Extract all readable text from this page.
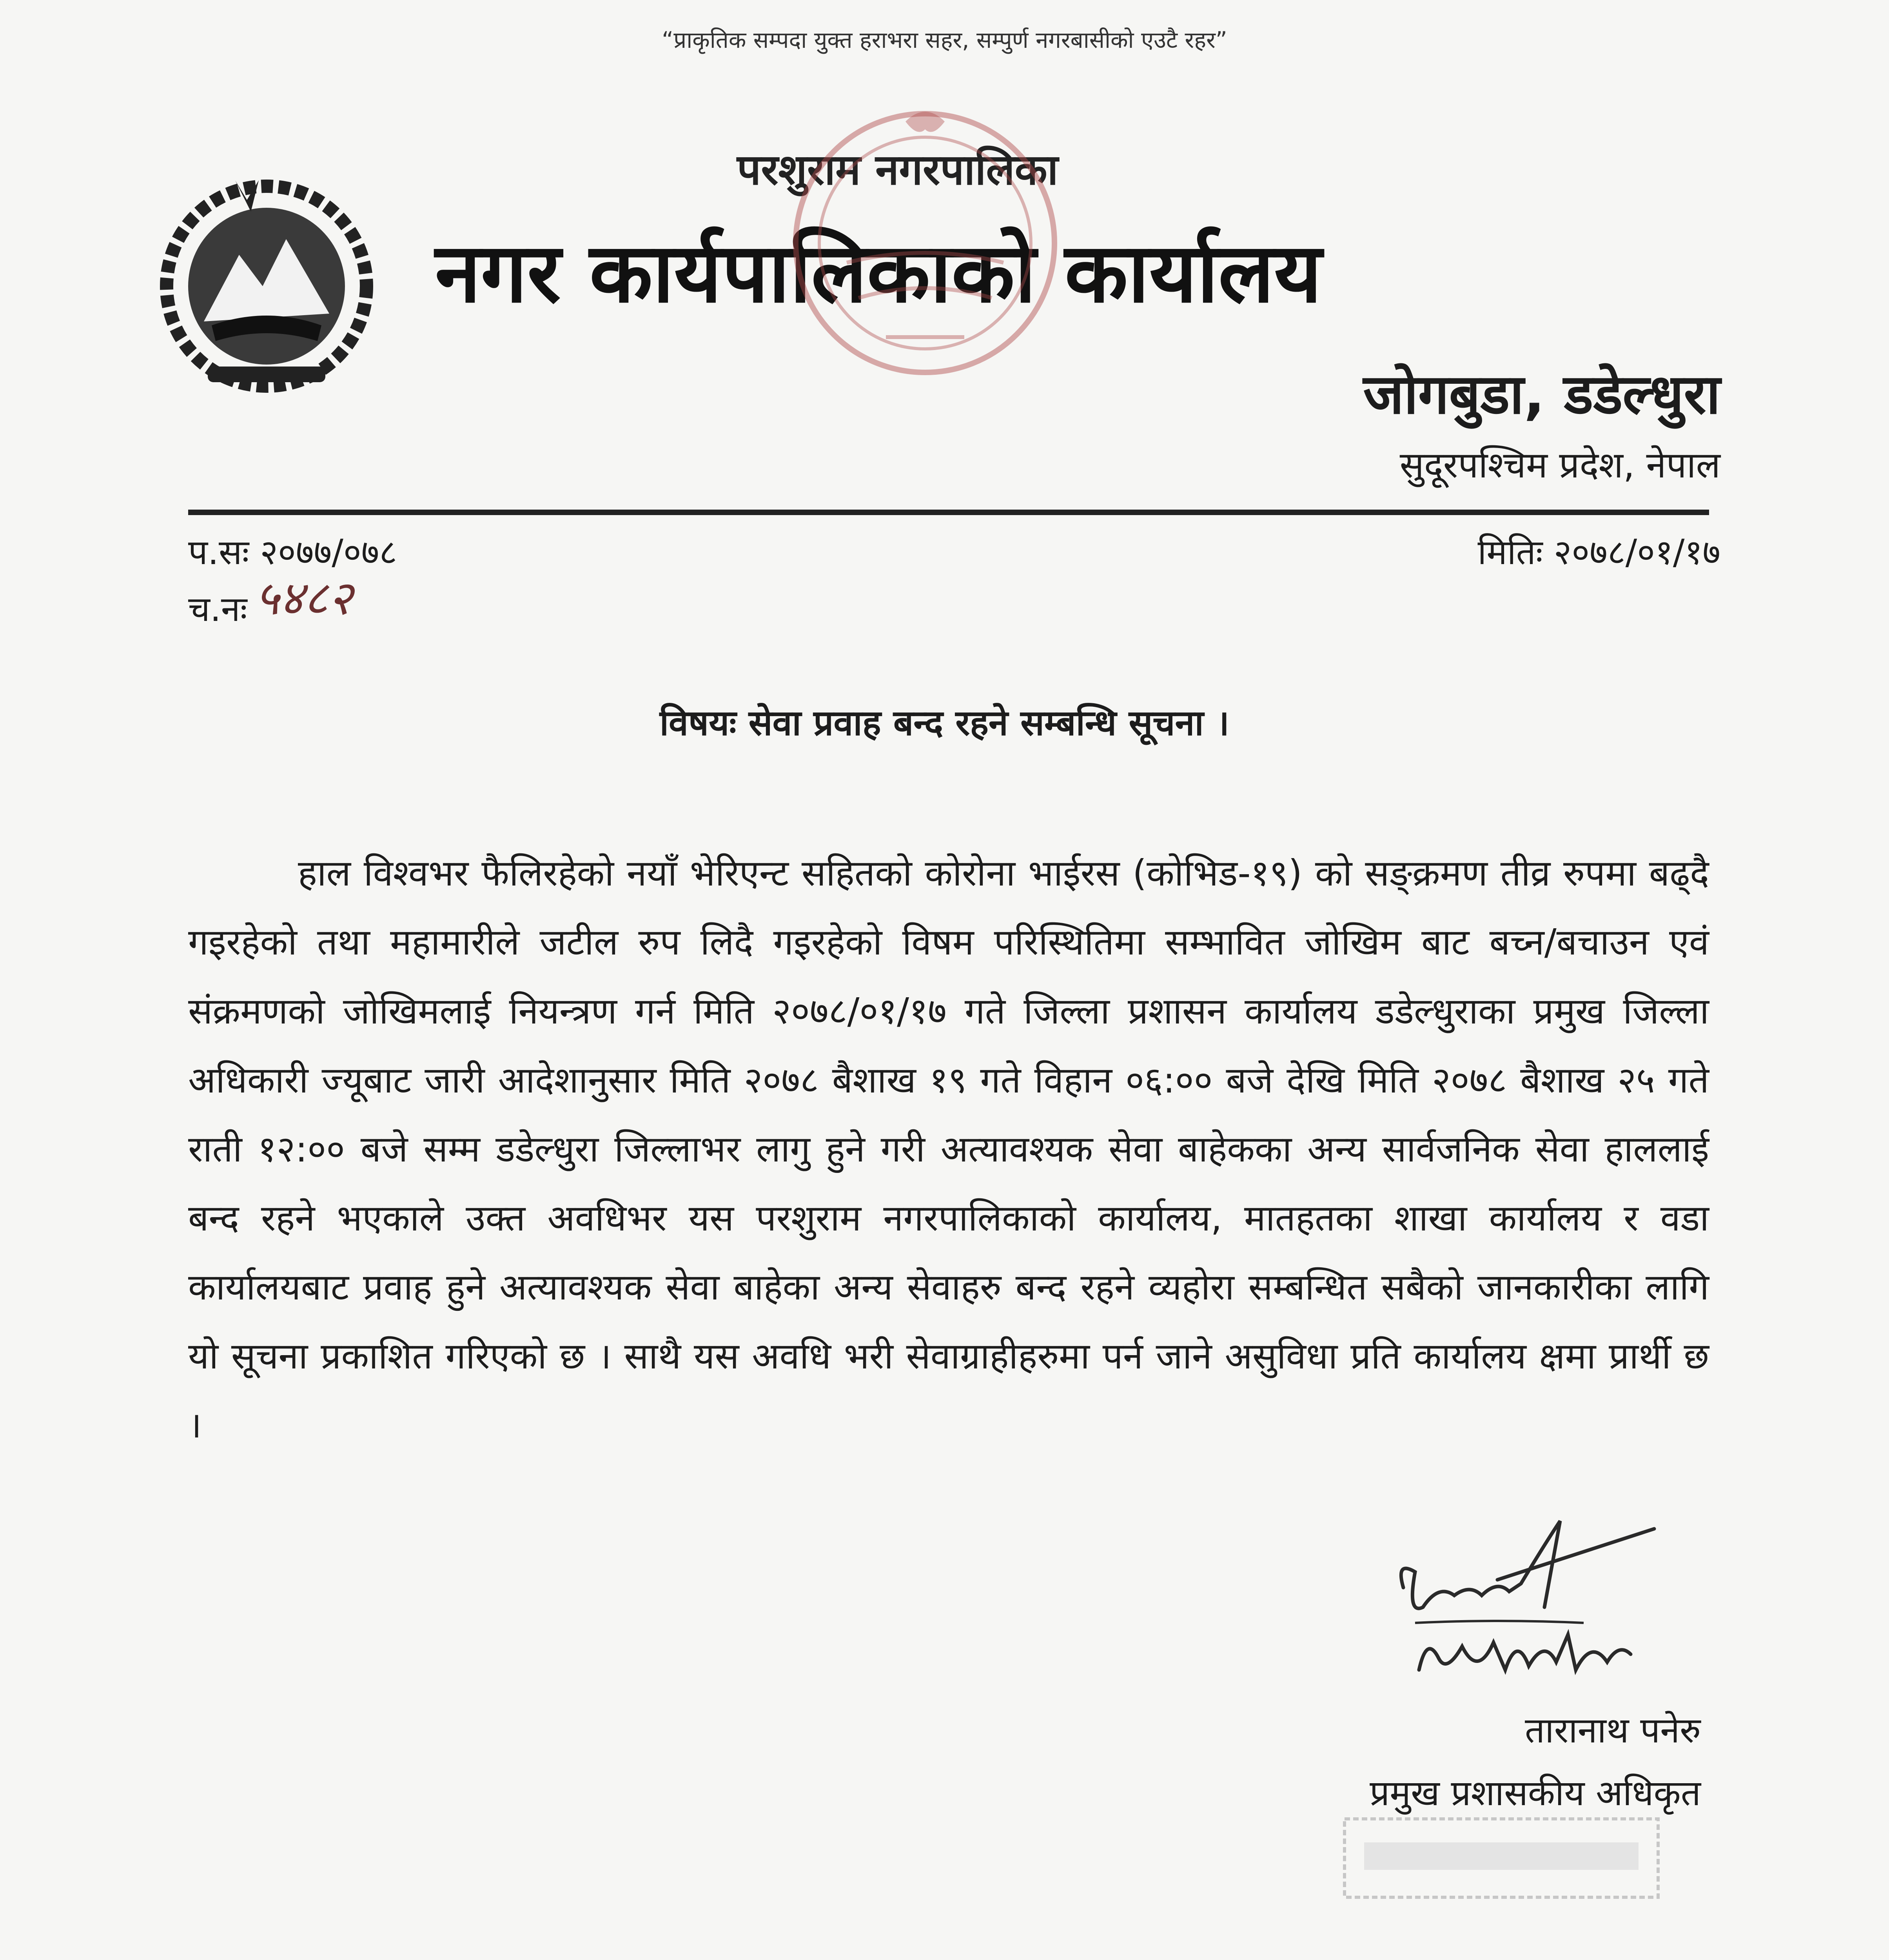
“प्राकृतिक सम्पदा युक्त हराभरा सहर, सम्पुर्ण नगरबासीको एउटै रहर”
परशुराम नगरपालिका
नगर कार्यपालिकाको कार्यालय
जोगबुडा, डडेल्धुरा
सुदूरपश्चिम प्रदेश, नेपाल
प.सः २०७७/०७८	मितिः २०७८/०१/१७
च.नः ५४८२
विषयः सेवा प्रवाह बन्द रहने सम्बन्धि सूचना ।
हाल विश्वभर फैलिरहेको नयाँ भेरिएन्ट सहितको कोरोना भाईरस (कोभिड-१९) को सङ्क्रमण तीव्र रुपमा बढ्दै गइरहेको तथा महामारीले जटील रुप लिदै गइरहेको विषम परिस्थितिमा सम्भावित जोखिम बाट बच्न/बचाउन एवं संक्रमणको जोखिमलाई नियन्त्रण गर्न मिति २०७८/०१/१७ गते जिल्ला प्रशासन कार्यालय डडेल्धुराका प्रमुख जिल्ला अधिकारी ज्यूबाट जारी आदेशानुसार मिति २०७८ बैशाख १९ गते विहान ०६:०० बजे देखि मिति २०७८ बैशाख २५ गते राती १२:०० बजे सम्म डडेल्धुरा जिल्लाभर लागु हुने गरी अत्यावश्यक सेवा बाहेकका अन्य सार्वजनिक सेवा हाललाई बन्द रहने भएकाले उक्त अवधिभर यस परशुराम नगरपालिकाको कार्यालय, मातहतका शाखा कार्यालय र वडा कार्यालयबाट प्रवाह हुने अत्यावश्यक सेवा बाहेका अन्य सेवाहरु बन्द रहने व्यहोरा सम्बन्धित सबैको जानकारीका लागि यो सूचना प्रकाशित गरिएको छ । साथै यस अवधि भरी सेवाग्राहीहरुमा पर्न जाने असुविधा प्रति कार्यालय क्षमा प्रार्थी छ ।
तारानाथ पनेरु
प्रमुख प्रशासकीय अधिकृत
